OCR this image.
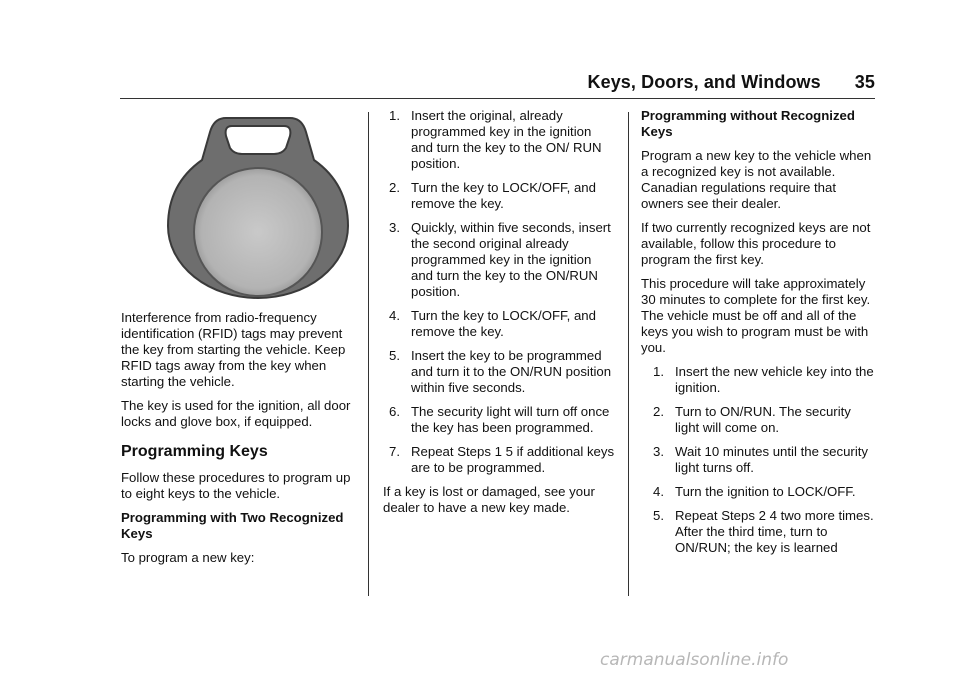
Keys, Doors, and Windows 35

Interference from radio-frequency identification (RFID) tags may prevent the key from starting the vehicle. Keep RFID tags away from the key when starting the vehicle.

The key is used for the ignition, all door locks and glove box, if equipped.

Programming Keys

Follow these procedures to program up to eight keys to the vehicle.

Programming with Two Recognized Keys

To program a new key:

1. Insert the original, already programmed key in the ignition and turn the key to the ON/ RUN position.
2. Turn the key to LOCK/OFF, and remove the key.
3. Quickly, within five seconds, insert the second original already programmed key in the ignition and turn the key to the ON/RUN position.
4. Turn the key to LOCK/OFF, and remove the key.
5. Insert the key to be programmed and turn it to the ON/RUN position within five seconds.
6. The security light will turn off once the key has been programmed.
7. Repeat Steps 1 5 if additional keys are to be programmed.

If a key is lost or damaged, see your dealer to have a new key made.

Programming without Recognized Keys

Program a new key to the vehicle when a recognized key is not available. Canadian regulations require that owners see their dealer.

If two currently recognized keys are not available, follow this procedure to program the first key.

This procedure will take approximately 30 minutes to complete for the first key. The vehicle must be off and all of the keys you wish to program must be with you.

1. Insert the new vehicle key into the ignition.
2. Turn to ON/RUN. The security light will come on.
3. Wait 10 minutes until the security light turns off.
4. Turn the ignition to LOCK/OFF.
5. Repeat Steps 2 4 two more times. After the third time, turn to ON/RUN; the key is learned
carmanualsonline.info
